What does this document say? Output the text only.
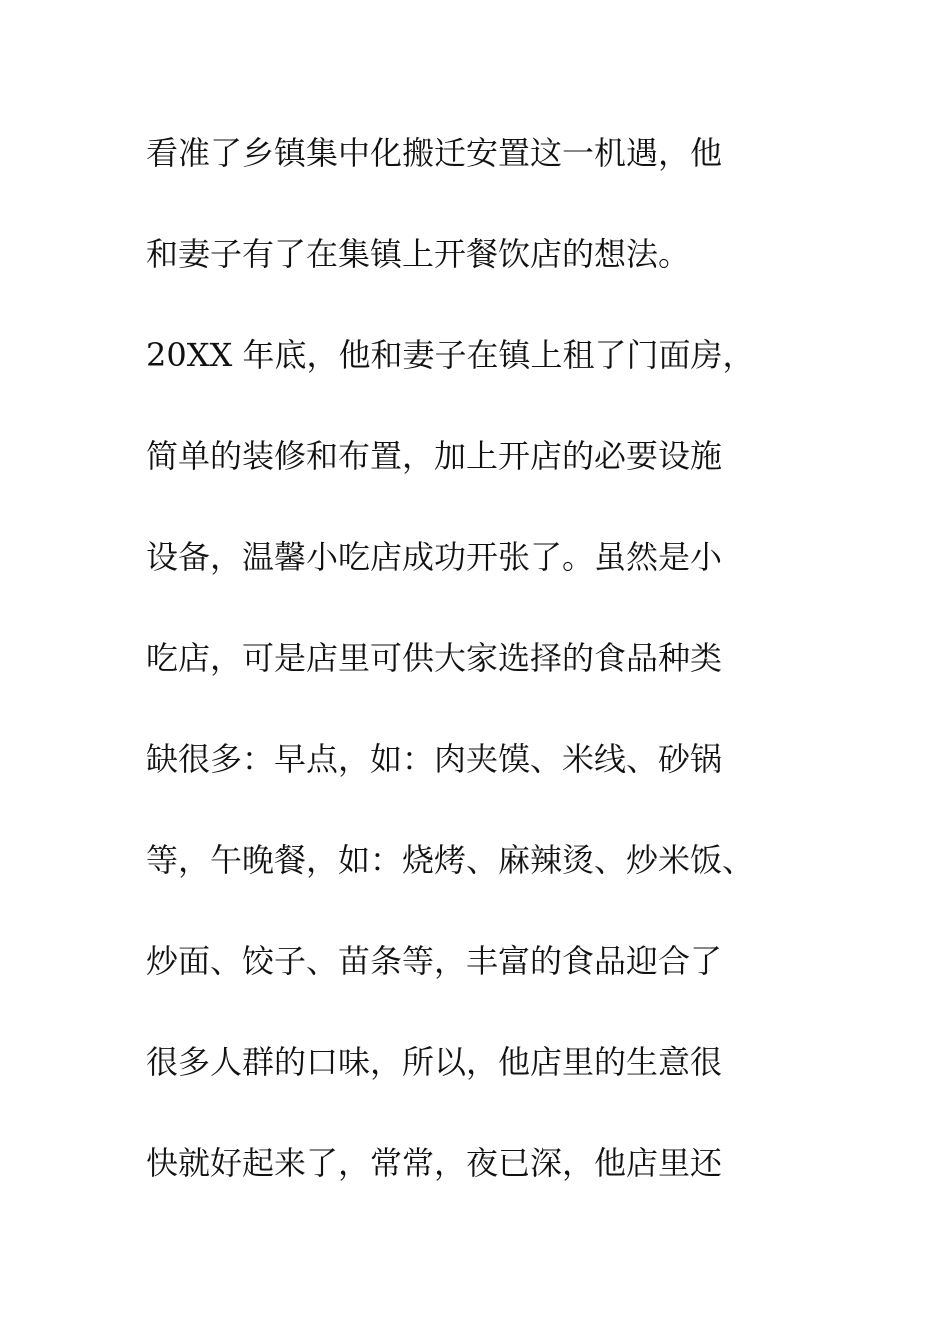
看准了乡镇集中化搬迁安置这一机遇，他
和妻子有了在集镇上开餐饮店的想法。
20XX 年底，他和妻子在镇上租了门面房，
简单的装修和布置，加上开店的必要设施
设备，温馨小吃店成功开张了。虽然是小
吃店，可是店里可供大家选择的食品种类
缺很多：早点，如：肉夹馍、米线、砂锅
等，午晚餐，如：烧烤、麻辣烫、炒米饭、
炒面、饺子、苗条等，丰富的食品迎合了
很多人群的口味，所以，他店里的生意很
快就好起来了，常常，夜已深，他店里还
